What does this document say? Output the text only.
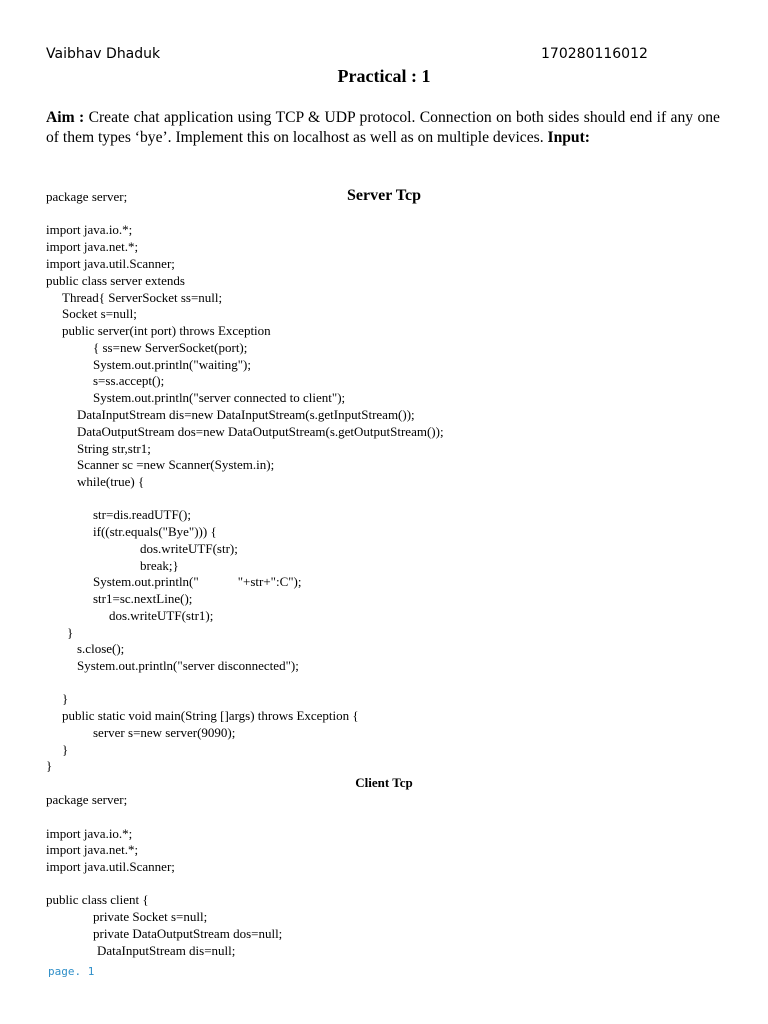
Vaibhav Dhaduk	170280116012
Practical : 1
Aim : Create chat application using TCP & UDP protocol. Connection on both sides should end if any one of them types ‘bye’. Implement this on localhost as well as on multiple devices. Input:
Server Tcp
package server;
import java.io.*;
import java.net.*;
import java.util.Scanner;
public class server extends
Thread{ ServerSocket ss=null;
Socket s=null;
public server(int port) throws Exception
{ ss=new ServerSocket(port);
System.out.println("waiting");
s=ss.accept();
System.out.println("server connected to client");
DataInputStream dis=new DataInputStream(s.getInputStream());
DataOutputStream dos=new DataOutputStream(s.getOutputStream());
String str,str1;
Scanner sc =new Scanner(System.in);
while(true) {
str=dis.readUTF();
if((str.equals("Bye"))) {
dos.writeUTF(str);
break;}
System.out.println("            "+str+":C");
str1=sc.nextLine();
dos.writeUTF(str1);
}
s.close();
System.out.println("server disconnected");
}
public static void main(String []args) throws Exception {
server s=new server(9090);
}
}
Client Tcp
package server;
import java.io.*;
import java.net.*;
import java.util.Scanner;
public class client {
private Socket s=null;
private DataOutputStream dos=null;
DataInputStream dis=null;
page. 1
